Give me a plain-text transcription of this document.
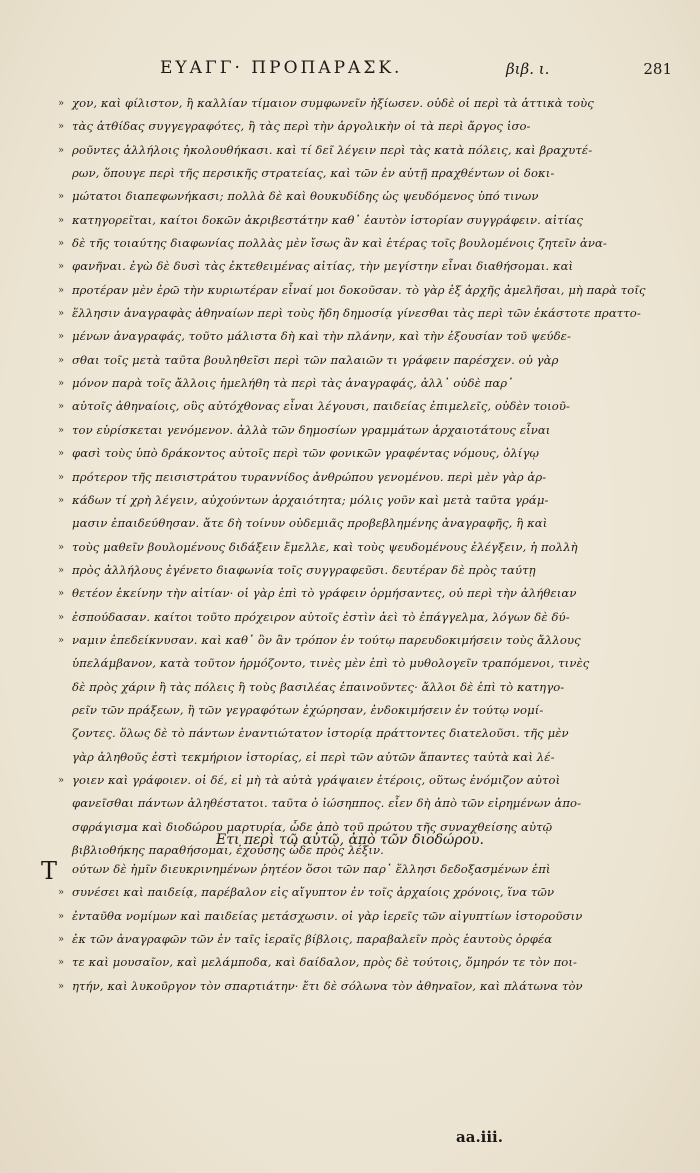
ΕΥΑΓΓ· ΠΡΟΠΑΡΑΣΚ.	βιβ. ι.	281
» χον, καὶ φίλιστον, ἢ καλλίαν τίμαιον συμφωνεῖν ἠξίωσεν. οὐδὲ οἱ περὶ τὰ ἀττικὰ τοὺς
» τὰς ἀτθίδας συγγεγραφότες, ἢ τὰς περὶ τὴν ἀργολικὴν οἱ τὰ περὶ ἄργος ἱσο-
» ροῦντες ἀλλήλοις ἠκολουθήκασι. καὶ τί δεῖ λέγειν περὶ τὰς κατὰ πόλεις, καὶ βραχυτέ-
ρων, ὅπουγε περὶ τῆς περσικῆς στρατείας, καὶ τῶν ἐν αὐτῇ πραχθέντων οἱ δοκι-
» μώτατοι διαπεφωνήκασι; πολλὰ δὲ καὶ θουκυδίδης ὡς ψευδόμενος ὑπό τινων
» κατηγορεῖται, καίτοι δοκῶν ἀκριβεστάτην καθ᾽ ἑαυτὸν ἱστορίαν συγγράφειν. αἰτίας
» δὲ τῆς τοιαύτης διαφωνίας πολλὰς μὲν ἴσως ἂν καὶ ἑτέρας τοῖς βουλομένοις ζητεῖν ἀνα-
» φανῆναι. ἐγὼ δὲ δυσὶ τὰς ἐκτεθειμένας αἰτίας, τὴν μεγίστην εἶναι διαθήσομαι. καὶ
» προτέραν μὲν ἐρῶ τὴν κυριωτέραν εἶναί μοι δοκοῦσαν. τὸ γὰρ ἐξ ἀρχῆς ἀμελῆσαι, μὴ παρὰ τοῖς
» ἕλλησιν ἀναγραφὰς ἀθηναίων περὶ τοὺς ἤδη δημοσίᾳ γίνεσθαι τὰς περὶ τῶν ἑκάστοτε πραττο-
» μένων ἀναγραφάς, τοῦτο μάλιστα δὴ καὶ τὴν πλάνην, καὶ τὴν ἐξουσίαν τοῦ ψεύδε-
» σθαι τοῖς μετὰ ταῦτα βουληθεῖσι περὶ τῶν παλαιῶν τι γράφειν παρέσχεν. οὐ γὰρ
» μόνον παρὰ τοῖς ἄλλοις ἠμελήθη τὰ περὶ τὰς ἀναγραφάς, ἀλλ᾽ οὐδὲ παρ᾽
» αὐτοῖς ἀθηναίοις, οὓς αὐτόχθονας εἶναι λέγουσι, παιδείας ἐπιμελεῖς, οὐδὲν τοιοῦ-
» τον εὑρίσκεται γενόμενον. ἀλλὰ τῶν δημοσίων γραμμάτων ἀρχαιοτάτους εἶναι
» φασὶ τοὺς ὑπὸ δράκοντος αὐτοῖς περὶ τῶν φονικῶν γραφέντας νόμους, ὀλίγῳ
» πρότερον τῆς πεισιστράτου τυραννίδος ἀνθρώπου γενομένου. περὶ μὲν γὰρ ἀρ-
» κάδων τί χρὴ λέγειν, αὐχούντων ἀρχαιότητα; μόλις γοῦν καὶ μετὰ ταῦτα γράμ-
μασιν ἐπαιδεύθησαν. ἅτε δὴ τοίνυν οὐδεμιᾶς προβεβλημένης ἀναγραφῆς, ἣ καὶ
» τοὺς μαθεῖν βουλομένους διδάξειν ἔμελλε, καὶ τοὺς ψευδομένους ἐλέγξειν, ἡ πολλὴ
» πρὸς ἀλλήλους ἐγένετο διαφωνία τοῖς συγγραφεῦσι. δευτέραν δὲ πρὸς ταύτῃ
» θετέον ἐκείνην τὴν αἰτίαν· οἱ γὰρ ἐπὶ τὸ γράφειν ὁρμήσαντες, οὐ περὶ τὴν ἀλήθειαν
» ἐσπούδασαν. καίτοι τοῦτο πρόχειρον αὐτοῖς ἐστὶν ἀεὶ τὸ ἐπάγγελμα, λόγων δὲ δύ-
» ναμιν ἐπεδείκνυσαν. καὶ καθ᾽ ὃν ἂν τρόπον ἐν τούτῳ παρευδοκιμήσειν τοὺς ἄλλους
ὑπελάμβανον, κατὰ τοῦτον ἡρμόζοντο, τινὲς μὲν ἐπὶ τὸ μυθολογεῖν τραπόμενοι, τινὲς
δὲ πρὸς χάριν ἢ τὰς πόλεις ἢ τοὺς βασιλέας ἐπαινοῦντες· ἄλλοι δὲ ἐπὶ τὸ κατηγο-
ρεῖν τῶν πράξεων, ἢ τῶν γεγραφότων ἐχώρησαν, ἐνδοκιμήσειν ἐν τούτῳ νομί-
ζοντες. ὅλως δὲ τὸ πάντων ἐναντιώτατον ἱστορίᾳ πράττοντες διατελοῦσι. τῆς μὲν
γὰρ ἀληθοῦς ἐστὶ τεκμήριον ἱστορίας, εἰ περὶ τῶν αὐτῶν ἅπαντες ταὐτὰ καὶ λέ-
» γοιεν καὶ γράφοιεν. οἱ δέ, εἰ μὴ τὰ αὐτὰ γράψαιεν ἑτέροις, οὕτως ἐνόμιζον αὐτοὶ
φανεῖσθαι πάντων ἀληθέστατοι. ταῦτα ὁ ἰώσηππος. εἶεν δὴ ἀπὸ τῶν εἰρημένων ἀπο-
σφράγισμα καὶ διοδώρου μαρτυρία, ὧδε ἀπὸ τοῦ πρώτου τῆς συναχθείσης αὐτῷ
βιβλιοθήκης παραθήσομαι, ἐχούσης ὧδε πρὸς λέξιν.
Ετι περὶ τῶ αὐτῶ, ἀπὸ τῶν διοδώρου.
Τ	ούτων δὲ ἡμῖν διευκρινημένων ῥητέον ὅσοι τῶν παρ᾽ ἕλλησι δεδοξασμένων ἐπὶ
» συνέσει καὶ παιδείᾳ, παρέβαλον εἰς αἴγυπτον ἐν τοῖς ἀρχαίοις χρόνοις, ἵνα τῶν
» ἐνταῦθα νομίμων καὶ παιδείας μετάσχωσιν. οἱ γὰρ ἱερεῖς τῶν αἰγυπτίων ἱστοροῦσιν
» ἐκ τῶν ἀναγραφῶν τῶν ἐν ταῖς ἱεραῖς βίβλοις, παραβαλεῖν πρὸς ἑαυτοὺς ὀρφέα
» τε καὶ μουσαῖον, καὶ μελάμποδα, καὶ δαίδαλον, πρὸς δὲ τούτοις, ὅμηρόν τε τὸν ποι-
» ητήν, καὶ λυκοῦργον τὸν σπαρτιάτην· ἔτι δὲ σόλωνα τὸν ἀθηναῖον, καὶ πλάτωνα τὸν
aa.iii.
